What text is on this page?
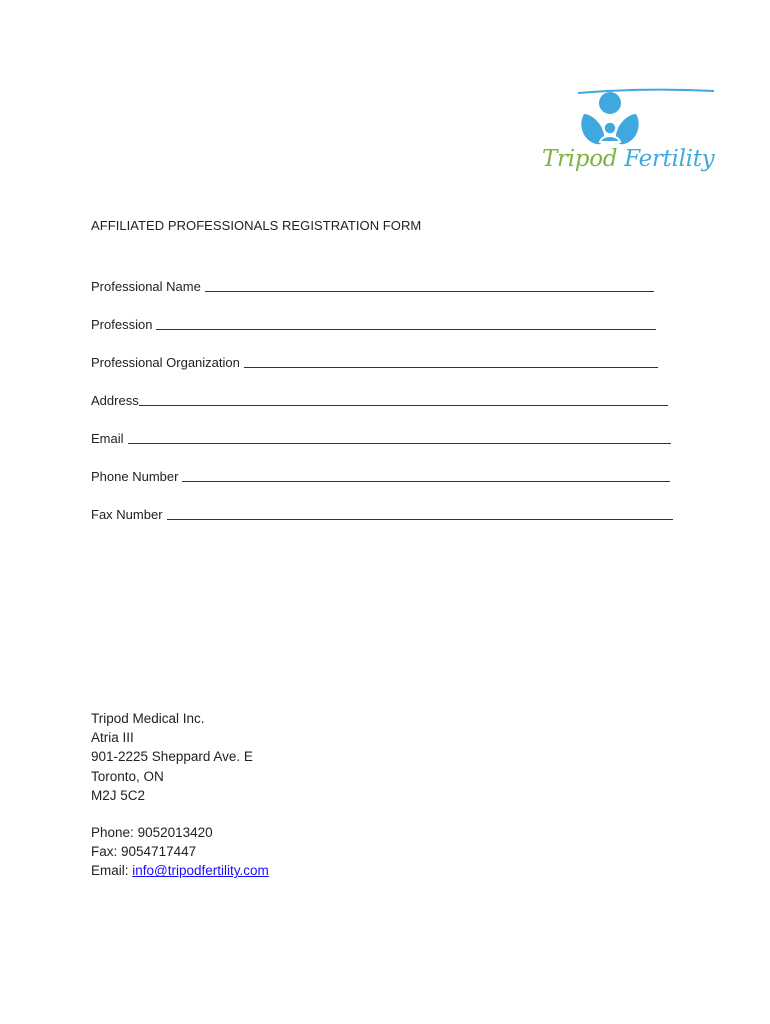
Tripod Fertility
AFFILIATED PROFESSIONALS REGISTRATION FORM
Professional Name
Profession
Professional Organization
Address
Email
Phone Number
Fax Number
Tripod Medical Inc.
Atria III
901-2225 Sheppard Ave. E
Toronto, ON
M2J 5C2
Phone: 9052013420
Fax: 9054717447
Email: info@tripodfertility.com
